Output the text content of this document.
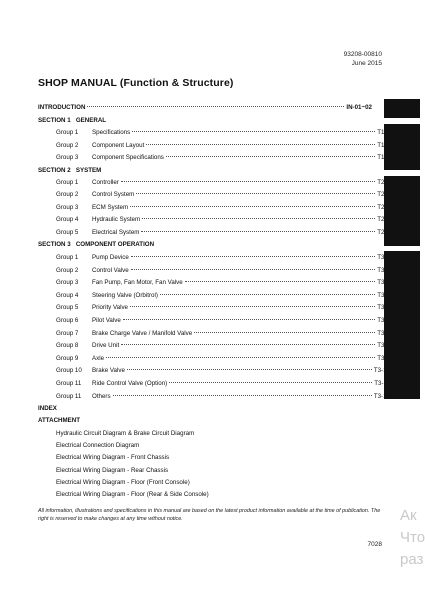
93208-00810
June 2015
SHOP MANUAL (Function & Structure)
INTRODUCTION	IN-01~02
SECTION 1   GENERAL
Group 1	Specifications	T1-1
Group 2	Component Layout	T1-2
Group 3	Component Specifications	T1-3
SECTION 2   SYSTEM
Group 1	Controller	T2-1
Group 2	Control System	T2-2
Group 3	ECM System	T2-3
Group 4	Hydraulic System	T2-4
Group 5	Electrical System	T2-5
SECTION 3   COMPONENT OPERATION
Group 1	Pump Device	T3-1
Group 2	Control Valve	T3-2
Group 3	Fan Pump, Fan Motor, Fan Valve	T3-3
Group 4	Steering Valve (Orbitrol)	T3-4
Group 5	Priority Valve	T3-5
Group 6	Pilot Valve	T3-6
Group 7	Brake Charge Valve / Manifold Valve	T3-7
Group 8	Drive Unit	T3-8
Group 9	Axle	T3-9
Group 10	Brake Valve	T3-10
Group 11	Ride Control Valve (Option)	T3-11
Group 11	Others	T3-12
INDEX
ATTACHMENT
Hydraulic Circuit Diagram & Brake Circuit Diagram
Electrical Connection Diagram
Electrical Wiring Diagram - Front Chassis
Electrical Wiring Diagram - Rear Chassis
Electrical Wiring Diagram - Floor (Front Console)
Electrical Wiring Diagram - Floor (Rear & Side Console)
All information, illustrations and specifications in this manual are based on the latest product information available at the time of publication. The right is reserved to make changes at any time without notice.
7028
Ак
Что
раз
